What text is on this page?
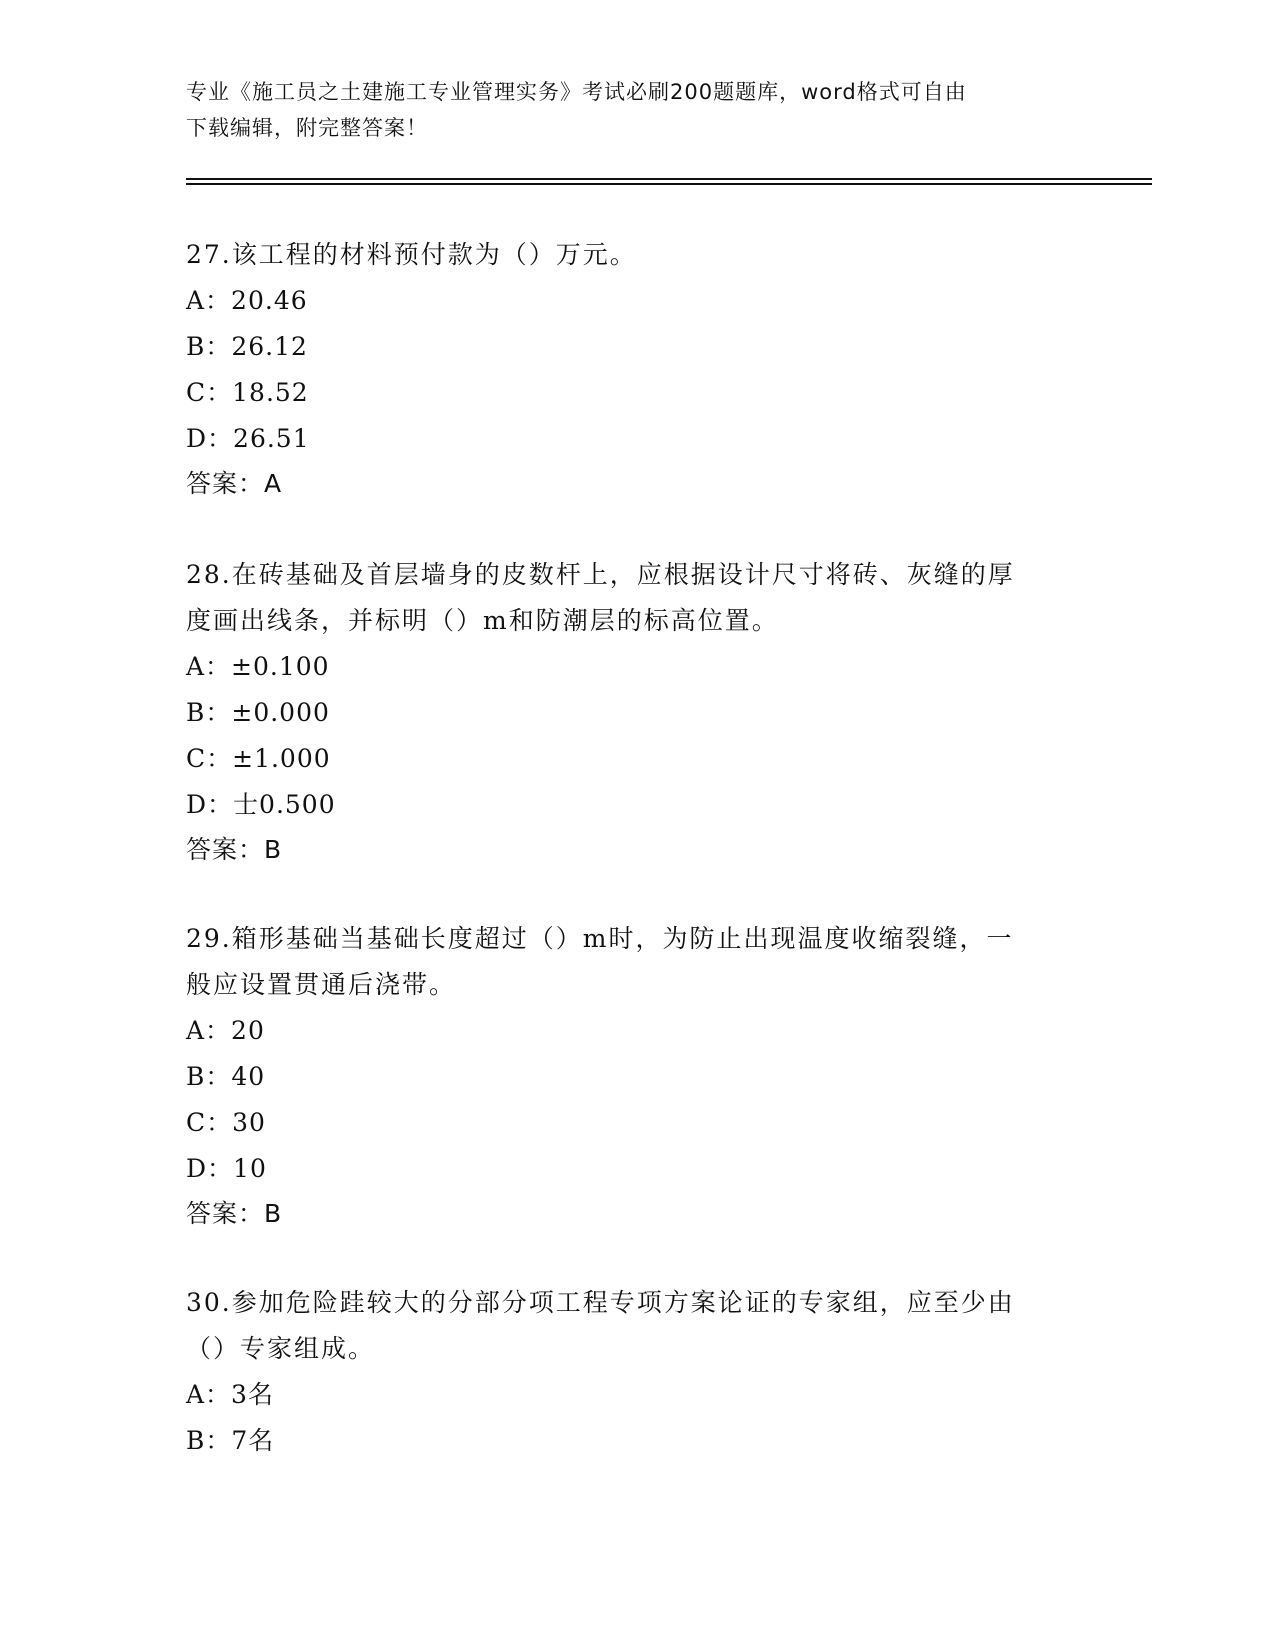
专业《施工员之土建施工专业管理实务》考试必刷200题题库，word格式可自由
下载编辑，附完整答案！

27.该工程的材料预付款为（）万元。

A：20.46

B：26.12

C：18.52

D：26.51

答案：A

28.在砖基础及首层墙身的皮数杆上，应根据设计尺寸将砖、灰缝的厚

度画出线条，并标明（）m和防潮层的标高位置。

A：±0.100

B：±0.000

C：±1.000

D：士0.500

答案：B

29.箱形基础当基础长度超过（）m时，为防止出现温度收缩裂缝，一

般应设置贯通后浇带。

A：20

B：40

C：30

D：10

答案：B

30.参加危险跬较大的分部分项工程专项方案论证的专家组，应至少由

（）专家组成。

A：3名

B：7名
